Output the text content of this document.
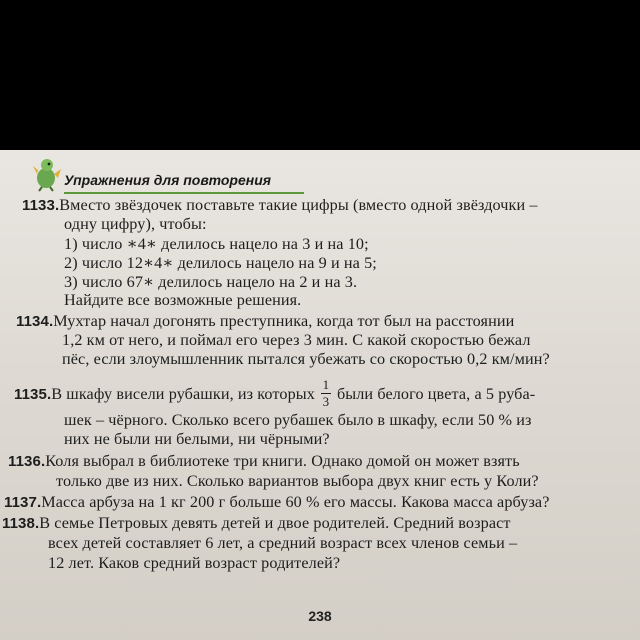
Упражнения для повторения
1133.Вместо звёздочек поставьте такие цифры (вместо одной звёздочки –
одну цифру), чтобы:
1) число ∗4∗ делилось нацело на 3 и на 10;
2) число 12∗4∗ делилось нацело на 9 и на 5;
3) число 67∗ делилось нацело на 2 и на 3.
Найдите все возможные решения.
1134.Мухтар начал догонять преступника, когда тот был на расстоянии
1,2 км от него, и поймал его через 3 мин. С какой скоростью бежал
пёс, если злоумышленник пытался убежать со скоростью 0,2 км/мин?
1135.В шкафу висели рубашки, из которых $\frac{1}{3}$ были белого цвета, а 5 руба-
шек – чёрного. Сколько всего рубашек было в шкафу, если 50 % из
них не были ни белыми, ни чёрными?
1136.Коля выбрал в библиотеке три книги. Однако домой он может взять
только две из них. Сколько вариантов выбора двух книг есть у Коли?
1137.Масса арбуза на 1 кг 200 г больше 60 % его массы. Какова масса арбуза?
1138.В семье Петровых девять детей и двое родителей. Средний возраст
всех детей составляет 6 лет, а средний возраст всех членов семьи –
12 лет. Каков средний возраст родителей?
238
